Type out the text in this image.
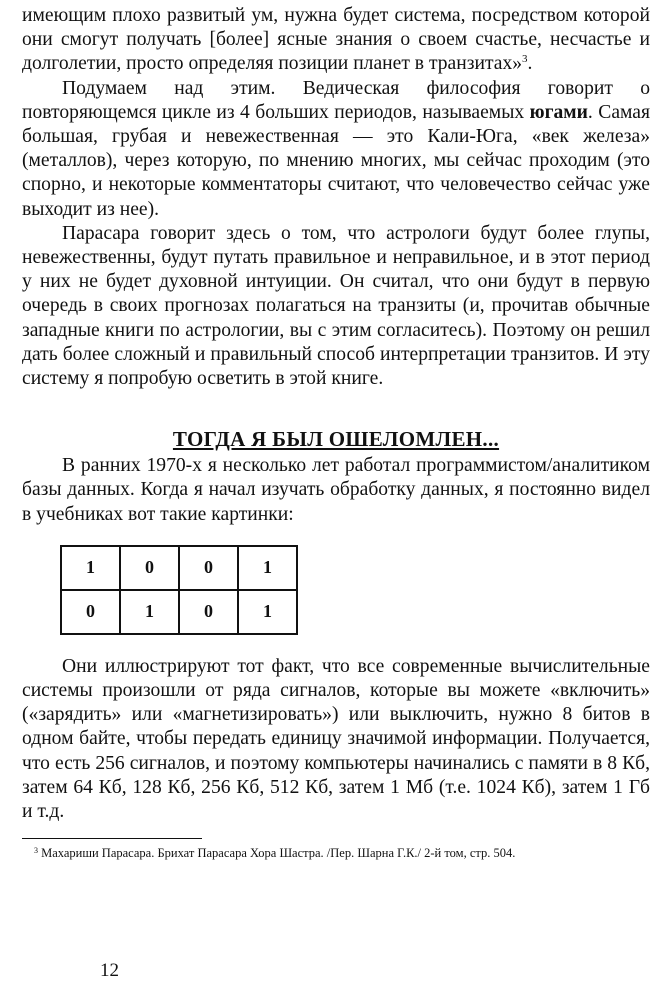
имеющим плохо развитый ум, нужна будет система, посредством которой они смогут получать [более] ясные знания о своем счастье, несчастье и долголетии, просто определяя позиции планет в транзитах»$^3$.

Подумаем над этим. Ведическая философия говорит о повторяющемся цикле из 4 больших периодов, называемых югами. Самая большая, грубая и невежественная — это Кали-Юга, «век железа» (металлов), через которую, по мнению многих, мы сейчас проходим (это спорно, и некоторые комментаторы считают, что человечество сейчас уже выходит из нее).

Парасара говорит здесь о том, что астрологи будут более глупы, невежественны, будут путать правильное и неправильное, и в этот период у них не будет духовной интуиции. Он считал, что они будут в первую очередь в своих прогнозах полагаться на транзиты (и, прочитав обычные западные книги по астрологии, вы с этим согласитесь). Поэтому он решил дать более сложный и правильный способ интерпретации транзитов. И эту систему я попробую осветить в этой книге.

ТОГДА Я БЫЛ ОШЕЛОМЛЕН...

В ранних 1970-х я несколько лет работал программистом/аналитиком базы данных. Когда я начал изучать обработку данных, я постоянно видел в учебниках вот такие картинки:

1	0	0	1
0	1	0	1

Они иллюстрируют тот факт, что все современные вычислительные системы произошли от ряда сигналов, которые вы можете «включить» («зарядить» или «магнетизировать») или выключить, нужно 8 битов в одном байте, чтобы передать единицу значимой информации. Получается, что есть 256 сигналов, и поэтому компьютеры начинались с памяти в 8 Кб, затем 64 Кб, 128 Кб, 256 Кб, 512 Кб, затем 1 Мб (т.е. 1024 Кб), затем 1 Гб и т.д.

$^3$ Махариши Парасара. Брихат Парасара Хора Шастра. /Пер. Шарна Г.К./ 2-й том, стр. 504.
12
